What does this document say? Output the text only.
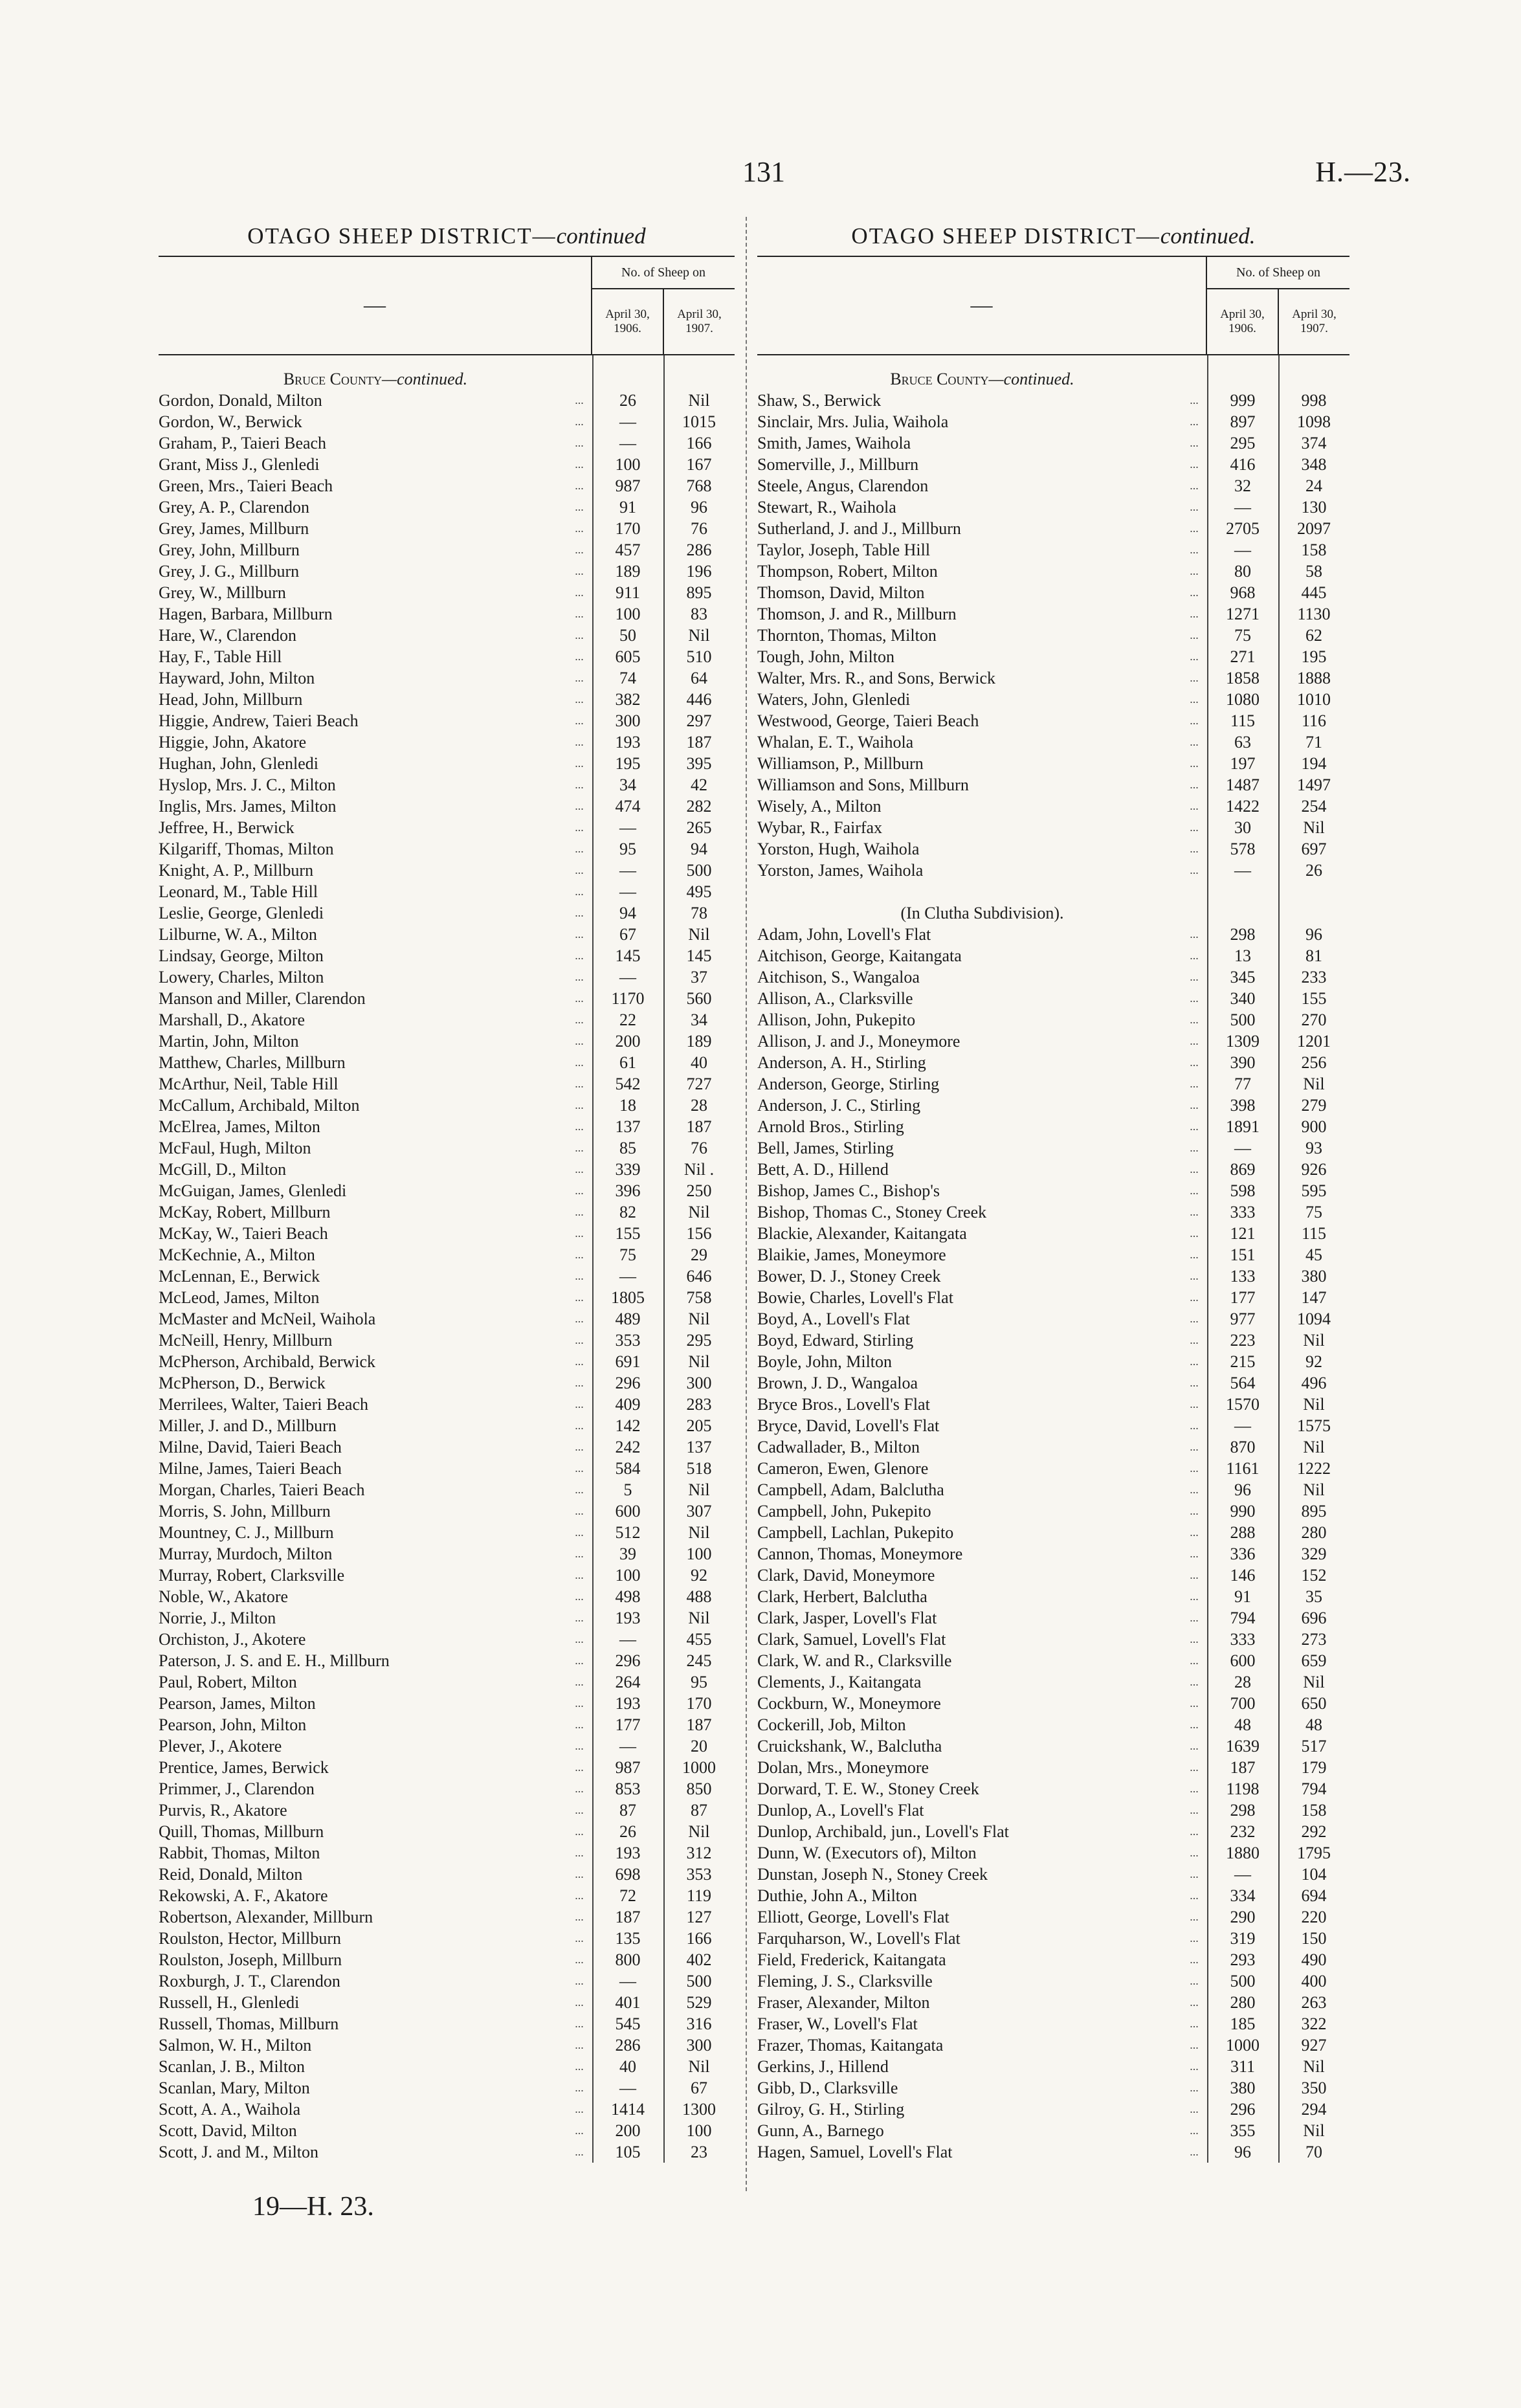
131	H.—23.
OTAGO SHEEP DISTRICT—continued
—
No. of Sheep on
April 30, 1906.
April 30, 1907.
Bruce County—continued.
Gordon, Donald, Milton	...	26	Nil
Gordon, W., Berwick	...	—	1015
Graham, P., Taieri Beach	...	—	166
Grant, Miss J., Glenledi	...	100	167
Green, Mrs., Taieri Beach	...	987	768
Grey, A. P., Clarendon	...	91	96
Grey, James, Millburn	...	170	76
Grey, John, Millburn	...	457	286
Grey, J. G., Millburn	...	189	196
Grey, W., Millburn	...	911	895
Hagen, Barbara, Millburn	...	100	83
Hare, W., Clarendon	...	50	Nil
Hay, F., Table Hill	...	605	510
Hayward, John, Milton	...	74	64
Head, John, Millburn	...	382	446
Higgie, Andrew, Taieri Beach	...	300	297
Higgie, John, Akatore	...	193	187
Hughan, John, Glenledi	...	195	395
Hyslop, Mrs. J. C., Milton	...	34	42
Inglis, Mrs. James, Milton	...	474	282
Jeffree, H., Berwick	...	—	265
Kilgariff, Thomas, Milton	...	95	94
Knight, A. P., Millburn	...	—	500
Leonard, M., Table Hill	...	—	495
Leslie, George, Glenledi	...	94	78
Lilburne, W. A., Milton	...	67	Nil
Lindsay, George, Milton	...	145	145
Lowery, Charles, Milton	...	—	37
Manson and Miller, Clarendon	...	1170	560
Marshall, D., Akatore	...	22	34
Martin, John, Milton	...	200	189
Matthew, Charles, Millburn	...	61	40
McArthur, Neil, Table Hill	...	542	727
McCallum, Archibald, Milton	...	18	28
McElrea, James, Milton	...	137	187
McFaul, Hugh, Milton	...	85	76
McGill, D., Milton	...	339	Nil .
McGuigan, James, Glenledi	...	396	250
McKay, Robert, Millburn	...	82	Nil
McKay, W., Taieri Beach	...	155	156
McKechnie, A., Milton	...	75	29
McLennan, E., Berwick	...	—	646
McLeod, James, Milton	...	1805	758
McMaster and McNeil, Waihola	...	489	Nil
McNeill, Henry, Millburn	...	353	295
McPherson, Archibald, Berwick	...	691	Nil
McPherson, D., Berwick	...	296	300
Merrilees, Walter, Taieri Beach	...	409	283
Miller, J. and D., Millburn	...	142	205
Milne, David, Taieri Beach	...	242	137
Milne, James, Taieri Beach	...	584	518
Morgan, Charles, Taieri Beach	...	5	Nil
Morris, S. John, Millburn	...	600	307
Mountney, C. J., Millburn	...	512	Nil
Murray, Murdoch, Milton	...	39	100
Murray, Robert, Clarksville	...	100	92
Noble, W., Akatore	...	498	488
Norrie, J., Milton	...	193	Nil
Orchiston, J., Akotere	...	—	455
Paterson, J. S. and E. H., Millburn	...	296	245
Paul, Robert, Milton	...	264	95
Pearson, James, Milton	...	193	170
Pearson, John, Milton	...	177	187
Plever, J., Akotere	...	—	20
Prentice, James, Berwick	...	987	1000
Primmer, J., Clarendon	...	853	850
Purvis, R., Akatore	...	87	87
Quill, Thomas, Millburn	...	26	Nil
Rabbit, Thomas, Milton	...	193	312
Reid, Donald, Milton	...	698	353
Rekowski, A. F., Akatore	...	72	119
Robertson, Alexander, Millburn	...	187	127
Roulston, Hector, Millburn	...	135	166
Roulston, Joseph, Millburn	...	800	402
Roxburgh, J. T., Clarendon	...	—	500
Russell, H., Glenledi	...	401	529
Russell, Thomas, Millburn	...	545	316
Salmon, W. H., Milton	...	286	300
Scanlan, J. B., Milton	...	40	Nil
Scanlan, Mary, Milton	...	—	67
Scott, A. A., Waihola	...	1414	1300
Scott, David, Milton	...	200	100
Scott, J. and M., Milton	...	105	23
OTAGO SHEEP DISTRICT—continued.
—
No. of Sheep on
April 30, 1906.
April 30, 1907.
Bruce County—continued.
Shaw, S., Berwick	...	999	998
Sinclair, Mrs. Julia, Waihola	...	897	1098
Smith, James, Waihola	...	295	374
Somerville, J., Millburn	...	416	348
Steele, Angus, Clarendon	...	32	24
Stewart, R., Waihola	...	—	130
Sutherland, J. and J., Millburn	...	2705	2097
Taylor, Joseph, Table Hill	...	—	158
Thompson, Robert, Milton	...	80	58
Thomson, David, Milton	...	968	445
Thomson, J. and R., Millburn	...	1271	1130
Thornton, Thomas, Milton	...	75	62
Tough, John, Milton	...	271	195
Walter, Mrs. R., and Sons, Berwick	...	1858	1888
Waters, John, Glenledi	...	1080	1010
Westwood, George, Taieri Beach	...	115	116
Whalan, E. T., Waihola	...	63	71
Williamson, P., Millburn	...	197	194
Williamson and Sons, Millburn	...	1487	1497
Wisely, A., Milton	...	1422	254
Wybar, R., Fairfax	...	30	Nil
Yorston, Hugh, Waihola	...	578	697
Yorston, James, Waihola	...	—	26
(In Clutha Subdivision).
Adam, John, Lovell's Flat	...	298	96
Aitchison, George, Kaitangata	...	13	81
Aitchison, S., Wangaloa	...	345	233
Allison, A., Clarksville	...	340	155
Allison, John, Pukepito	...	500	270
Allison, J. and J., Moneymore	...	1309	1201
Anderson, A. H., Stirling	...	390	256
Anderson, George, Stirling	...	77	Nil
Anderson, J. C., Stirling	...	398	279
Arnold Bros., Stirling	...	1891	900
Bell, James, Stirling	...	—	93
Bett, A. D., Hillend	...	869	926
Bishop, James C., Bishop's	...	598	595
Bishop, Thomas C., Stoney Creek	...	333	75
Blackie, Alexander, Kaitangata	...	121	115
Blaikie, James, Moneymore	...	151	45
Bower, D. J., Stoney Creek	...	133	380
Bowie, Charles, Lovell's Flat	...	177	147
Boyd, A., Lovell's Flat	...	977	1094
Boyd, Edward, Stirling	...	223	Nil
Boyle, John, Milton	...	215	92
Brown, J. D., Wangaloa	...	564	496
Bryce Bros., Lovell's Flat	...	1570	Nil
Bryce, David, Lovell's Flat	...	—	1575
Cadwallader, B., Milton	...	870	Nil
Cameron, Ewen, Glenore	...	1161	1222
Campbell, Adam, Balclutha	...	96	Nil
Campbell, John, Pukepito	...	990	895
Campbell, Lachlan, Pukepito	...	288	280
Cannon, Thomas, Moneymore	...	336	329
Clark, David, Moneymore	...	146	152
Clark, Herbert, Balclutha	...	91	35
Clark, Jasper, Lovell's Flat	...	794	696
Clark, Samuel, Lovell's Flat	...	333	273
Clark, W. and R., Clarksville	...	600	659
Clements, J., Kaitangata	...	28	Nil
Cockburn, W., Moneymore	...	700	650
Cockerill, Job, Milton	...	48	48
Cruickshank, W., Balclutha	...	1639	517
Dolan, Mrs., Moneymore	...	187	179
Dorward, T. E. W., Stoney Creek	...	1198	794
Dunlop, A., Lovell's Flat	...	298	158
Dunlop, Archibald, jun., Lovell's Flat	...	232	292
Dunn, W. (Executors of), Milton	...	1880	1795
Dunstan, Joseph N., Stoney Creek	...	—	104
Duthie, John A., Milton	...	334	694
Elliott, George, Lovell's Flat	...	290	220
Farquharson, W., Lovell's Flat	...	319	150
Field, Frederick, Kaitangata	...	293	490
Fleming, J. S., Clarksville	...	500	400
Fraser, Alexander, Milton	...	280	263
Fraser, W., Lovell's Flat	...	185	322
Frazer, Thomas, Kaitangata	...	1000	927
Gerkins, J., Hillend	...	311	Nil
Gibb, D., Clarksville	...	380	350
Gilroy, G. H., Stirling	...	296	294
Gunn, A., Barnego	...	355	Nil
Hagen, Samuel, Lovell's Flat	...	96	70
19—H. 23.
